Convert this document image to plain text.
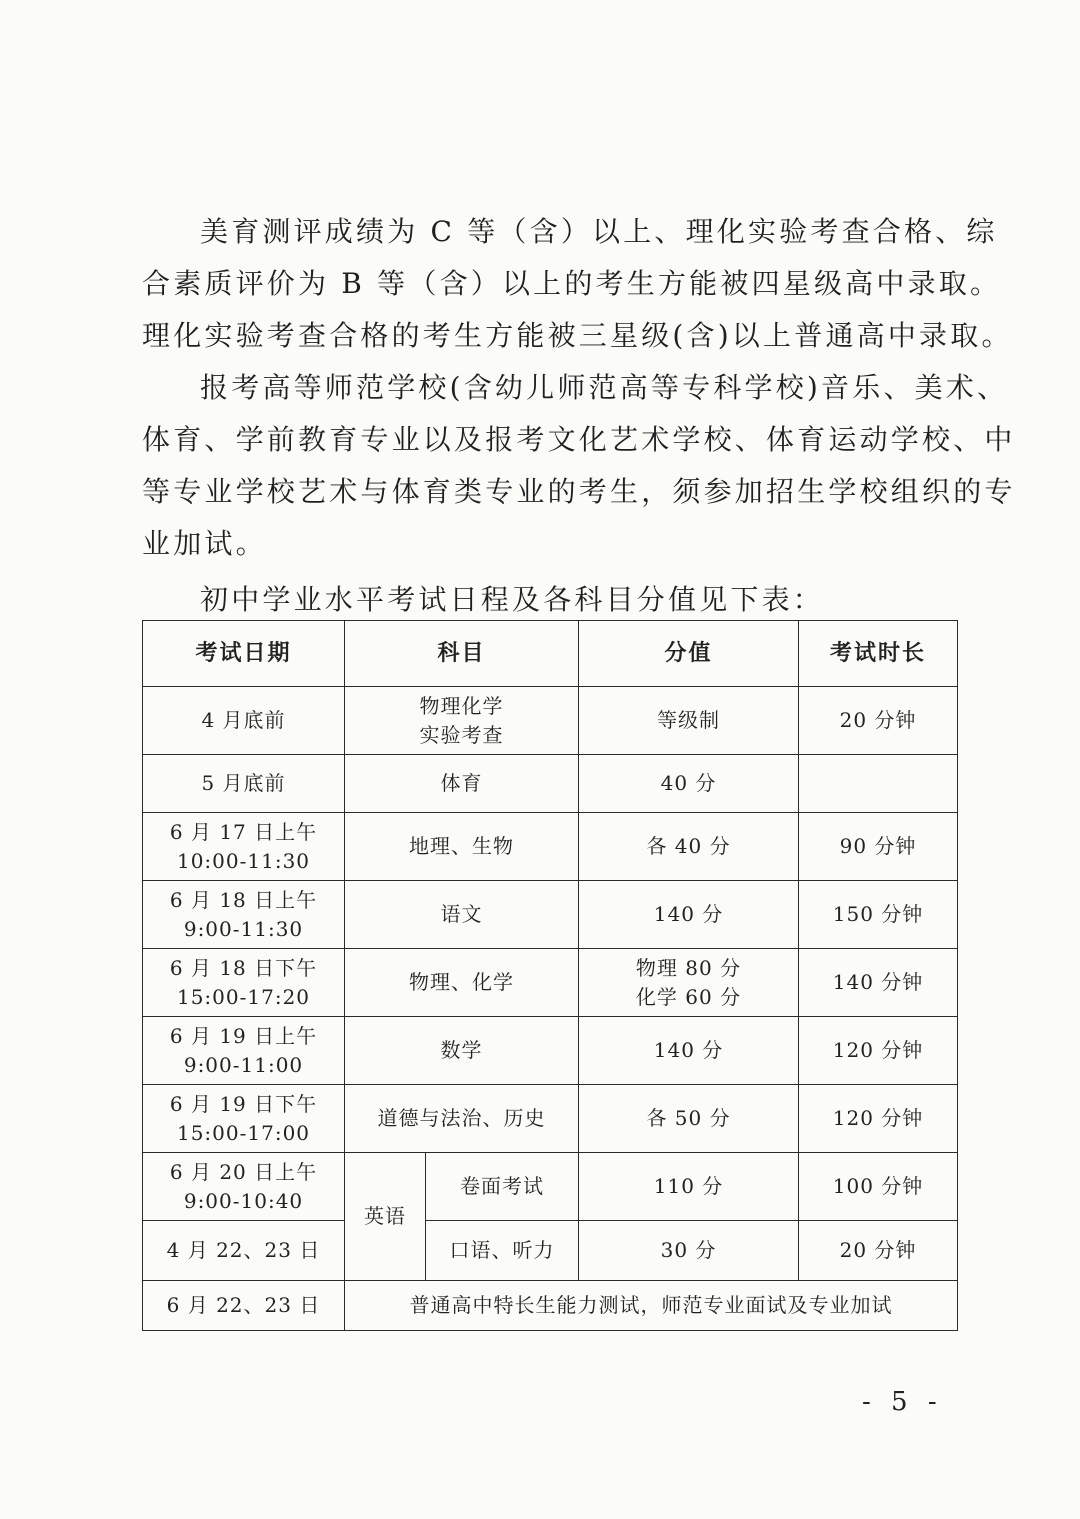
美育测评成绩为 C 等（含）以上、理化实验考查合格、综
合素质评价为 B 等（含）以上的考生方能被四星级高中录取。
理化实验考查合格的考生方能被三星级(含)以上普通高中录取。
报考高等师范学校(含幼儿师范高等专科学校)音乐、美术、
体育、学前教育专业以及报考文化艺术学校、体育运动学校、中
等专业学校艺术与体育类专业的考生，须参加招生学校组织的专
业加试。
初中学业水平考试日程及各科目分值见下表：
考试日期	科目		分值	考试时长

4 月底前	物理化学
实验考查		等级制	20 分钟

5 月底前	体育		40 分	

6 月 17 日上午
10:00-11:30	地理、生物		各 40 分	90 分钟

6 月 18 日上午
9:00-11:30	语文		140 分	150 分钟

6 月 18 日下午
15:00-17:20	物理、化学		物理 80 分
化学 60 分	140 分钟

6 月 19 日上午
9:00-11:00	数学		140 分	120 分钟

6 月 19 日下午
15:00-17:00	道德与法治、历史		各 50 分	120 分钟

6 月 20 日上午
9:00-10:40	英语	卷面考试	110 分	100 分钟

4 月 22、23 日		口语、听力	30 分	20 分钟
6 月 22、23 日	普通高中特长生能力测试，师范专业面试及专业加试			
- 5 -
